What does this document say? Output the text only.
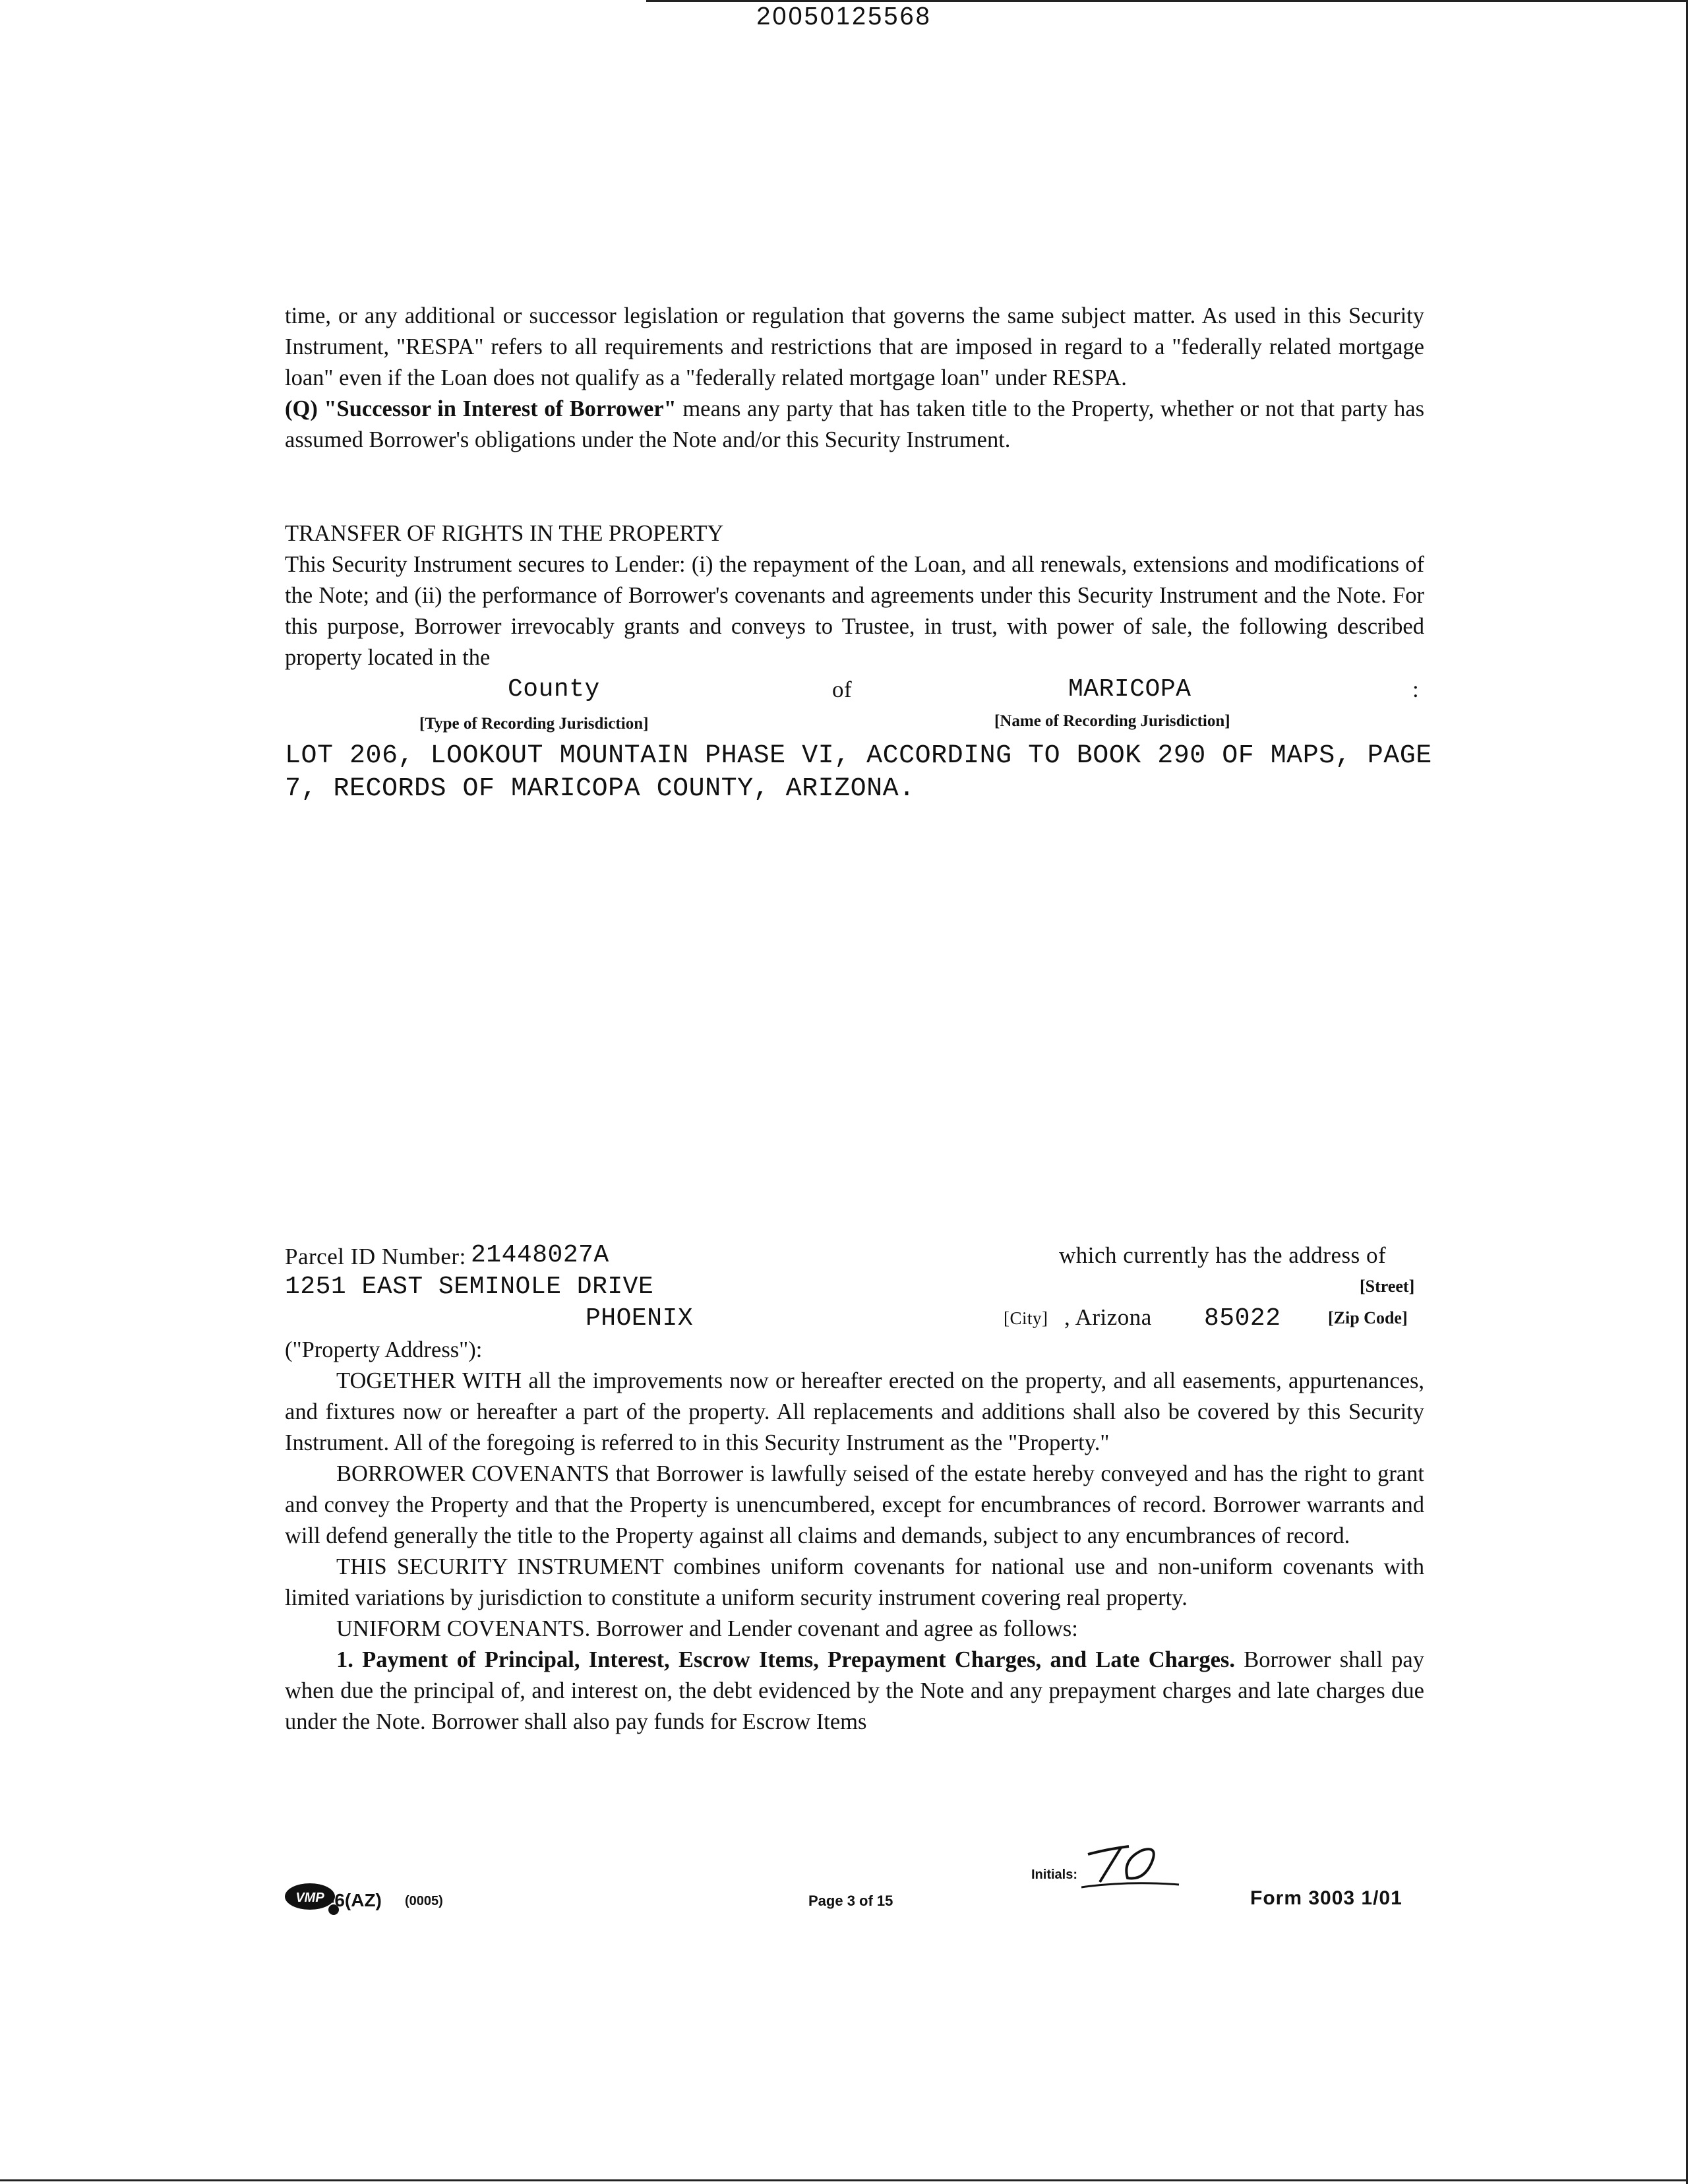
20050125568

time, or any additional or successor legislation or regulation that governs the same subject matter. As used in this Security Instrument, "RESPA" refers to all requirements and restrictions that are imposed in regard to a "federally related mortgage loan" even if the Loan does not qualify as a "federally related mortgage loan" under RESPA.

(Q) "Successor in Interest of Borrower" means any party that has taken title to the Property, whether or not that party has assumed Borrower's obligations under the Note and/or this Security Instrument.

TRANSFER OF RIGHTS IN THE PROPERTY

This Security Instrument secures to Lender: (i) the repayment of the Loan, and all renewals, extensions and modifications of the Note; and (ii) the performance of Borrower's covenants and agreements under this Security Instrument and the Note. For this purpose, Borrower irrevocably grants and conveys to Trustee, in trust, with power of sale, the following described property located in the

County	of	MARICOPA	:
[Type of Recording Jurisdiction]	[Name of Recording Jurisdiction]
LOT 206, LOOKOUT MOUNTAIN PHASE VI, ACCORDING TO BOOK 290 OF MAPS, PAGE
7, RECORDS OF MARICOPA COUNTY, ARIZONA.
Parcel ID Number: 21448027A	which currently has the address of
1251 EAST SEMINOLE DRIVE	[Street]
PHOENIX	[City] , Arizona 85022	[Zip Code]

("Property Address"):

TOGETHER WITH all the improvements now or hereafter erected on the property, and all easements, appurtenances, and fixtures now or hereafter a part of the property. All replacements and additions shall also be covered by this Security Instrument. All of the foregoing is referred to in this Security Instrument as the "Property."

BORROWER COVENANTS that Borrower is lawfully seised of the estate hereby conveyed and has the right to grant and convey the Property and that the Property is unencumbered, except for encumbrances of record. Borrower warrants and will defend generally the title to the Property against all claims and demands, subject to any encumbrances of record.

THIS SECURITY INSTRUMENT combines uniform covenants for national use and non-uniform covenants with limited variations by jurisdiction to constitute a uniform security instrument covering real property.

UNIFORM COVENANTS. Borrower and Lender covenant and agree as follows:

1. Payment of Principal, Interest, Escrow Items, Prepayment Charges, and Late Charges. Borrower shall pay when due the principal of, and interest on, the debt evidenced by the Note and any prepayment charges and late charges due under the Note. Borrower shall also pay funds for Escrow Items

VMP -6(AZ) (0005)	Page 3 of 15
Initials:
Form 3003 1/01
